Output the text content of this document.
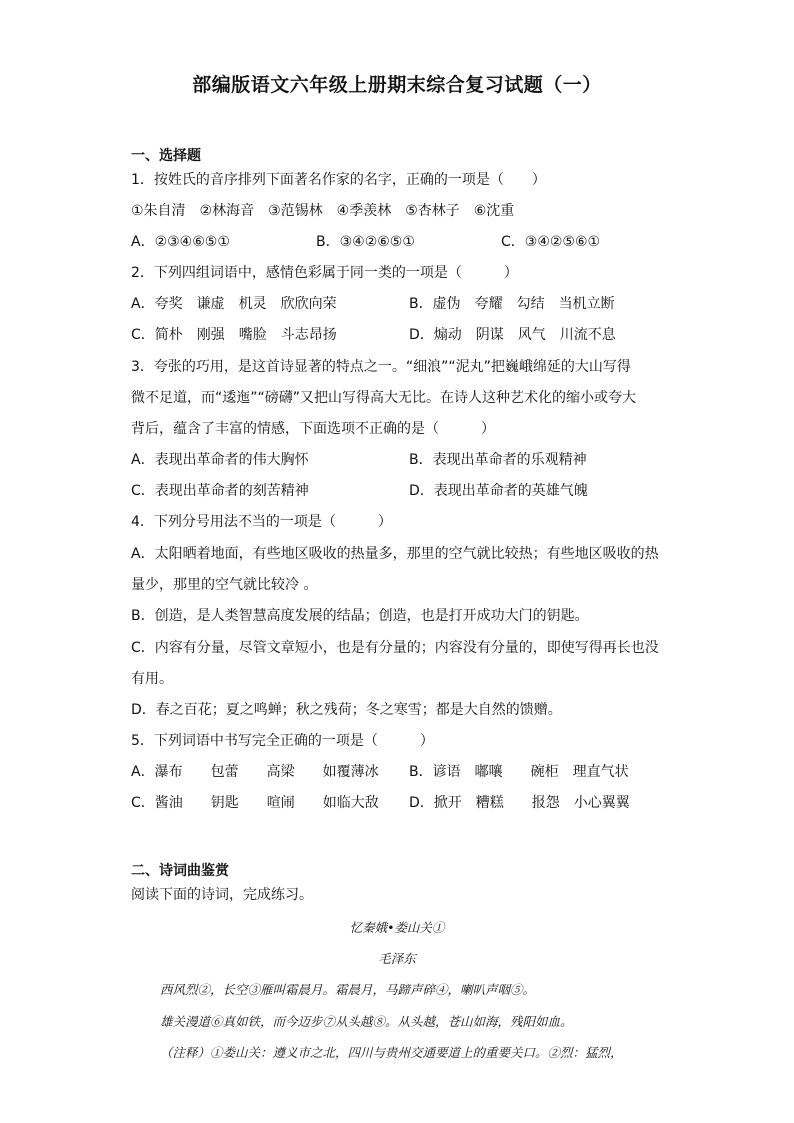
部编版语文六年级上册期末综合复习试题（一）
一、选择题
1．按姓氏的音序排列下面著名作家的名字，正确的一项是（　　）
①朱自清　②林海音　③范锡林　④季羡林　⑤杏林子　⑥沈重
A．②③④⑥⑤①	B．③④②⑥⑤①	C．③④②⑤⑥①
2．下列四组词语中，感情色彩属于同一类的一项是（　　　）
A．夸奖　谦虚　机灵　欣欣向荣	B．虚伪　夸耀　勾结　当机立断
C．简朴　刚强　嘴脸　斗志昂扬	D．煽动　阴谋　风气　川流不息
3．夸张的巧用，是这首诗显著的特点之一。“细浪”“泥丸”把巍峨绵延的大山写得
微不足道，而“逶迤”“磅礴”又把山写得高大无比。在诗人这种艺术化的缩小或夸大
背后，蕴含了丰富的情感，下面选项不正确的是（　　　）
A．表现出革命者的伟大胸怀	B．表现出革命者的乐观精神
C．表现出革命者的刻苦精神	D．表现出革命者的英雄气魄
4．下列分号用法不当的一项是（　　　）
A．太阳晒着地面，有些地区吸收的热量多，那里的空气就比较热；有些地区吸收的热
量少，那里的空气就比较冷 。
B．创造，是人类智慧高度发展的结晶；创造，也是打开成功大门的钥匙。
C．内容有分量，尽管文章短小，也是有分量的；内容没有分量的，即使写得再长也没
有用。
D．春之百花；夏之鸣蝉；秋之残荷；冬之寒雪；都是大自然的馈赠。
5．下列词语中书写完全正确的一项是（　　　）
A．瀑布　　包蕾　　高梁　　如覆薄冰 B．谚语　嘟嚷　　碗柜　理直气状
C．酱油　　钥匙　　喧闹　　如临大敌 D．掀开　糟糕　　报怨　小心翼翼
二、诗词曲鉴赏
阅读下面的诗词，完成练习。
忆秦娥•娄山关①
毛泽东
西风烈②，长空③雁叫霜晨月。霜晨月，马蹄声碎④，喇叭声咽⑤。
雄关漫道⑥真如铁，而今迈步⑦从头越⑧。从头越，苍山如海，残阳如血。
（注释）①娄山关：遵义市之北，四川与贵州交通要道上的重要关口。②烈：猛烈，
